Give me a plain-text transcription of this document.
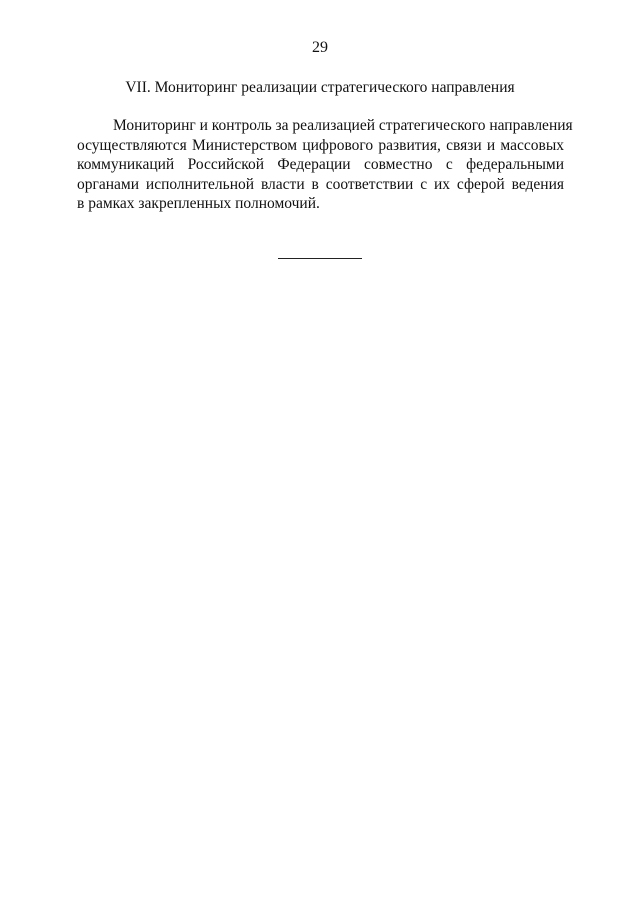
29
VII. Мониторинг реализации стратегического направления
Мониторинг и контроль за реализацией стратегического направления
осуществляются Министерством цифрового развития, связи и массовых
коммуникаций Российской Федерации совместно с федеральными
органами исполнительной власти в соответствии с их сферой ведения
в рамках закрепленных полномочий.
